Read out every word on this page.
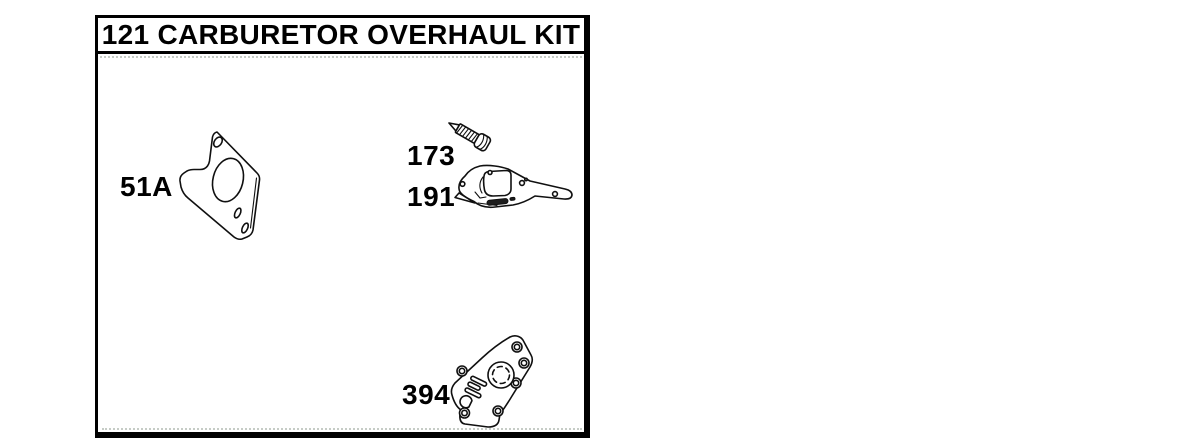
121 CARBURETOR OVERHAUL KIT
51A
173
191
394
